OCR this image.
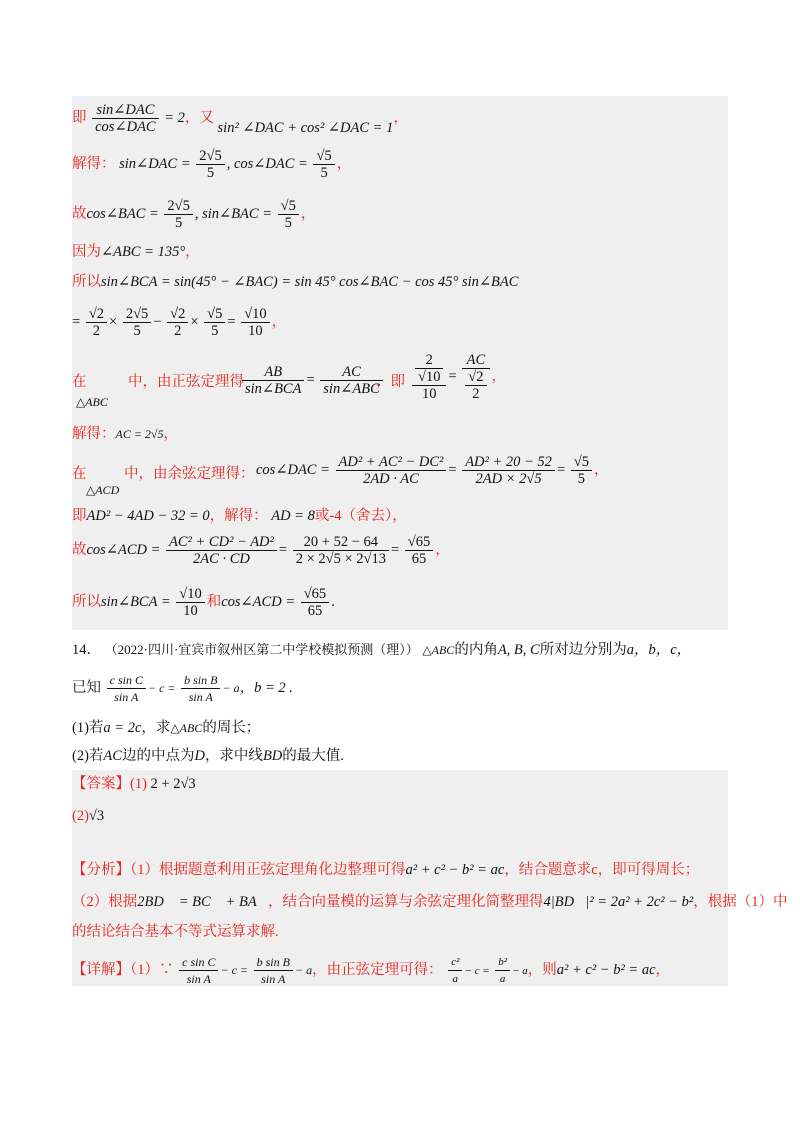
即 $\frac{\text{sin∠DAC}}{\text{cos∠DAC}} = 2$，又 sin² ∠DAC + cos² ∠DAC = 1，
解得： sin∠DAC = $\frac{2√5}{5}$ , cos∠DAC = $\frac{√5}{5}$ ，
故cos∠BAC = $\frac{2√5}{5}$ , sin∠BAC = $\frac{√5}{5}$ ，
因为∠ABC = 135°，
所以sin∠BCA = sin(45° − ∠BAC) = sin 45° cos∠BAC − cos 45° sin∠BAC
= $\frac{√2}{2} \times \frac{2√5}{5} - \frac{√2}{2} \times \frac{√5}{5} = \frac{√10}{10}$ ，
在
△ABC
中，由正弦定理得
$\frac{AB}{\text{sin∠BCA}} = \frac{AC}{\text{sin∠ABC}}$
，即 $\frac{\frac{2}{√10}}{10} = \frac{AC}{\frac{√2}{2}}$ ，
解得：AC = 2√5，
在
△ACD
中，由余弦定理得： cos∠DAC = $\frac{\text{AD² + AC² − DC²}}{2AD \cdot AC} = \frac{\text{AD² + 20 − 52}}{2AD \times 2√5} = \frac{√5}{5}$ ，
即AD² − 4AD − 32 = 0，解得： AD = 8或-4（舍去），
故cos∠ACD = $\frac{\text{AC² + CD² − AD²}}{2AC \cdot CD} = \frac{20 + 52 - 64}{2 \times 2√5 \times 2√13} = \frac{√65}{65}$ ，
所以sin∠BCA = $\frac{√10}{10}$ 和cos∠ACD = $\frac{√65}{65}$ .
14． （2022·四川·宜宾市叙州区第二中学校模拟预测（理）） △ABC的内角A, B, C所对边分别为a，b，c，
已知 $\frac{\text{c sin C}}{\text{sin A}} - c = \frac{\text{b sin B}}{\text{sin A}} - a$，b = 2 .
(1)若a = 2c，求△ABC的周长；
(2)若AC边的中点为D，求中线BD的最大值.
【答案】(1) 2 + 2√3
(2)√3
【分析】（1）根据题意利用正弦定理角化边整理可得a² + c² − b² = ac，结合题意求c，即可得周长；
（2）根据2BD⃗ = BC⃗ + BA⃗，结合向量模的运算与余弦定理化简整理得4|BD⃗|² = 2a² + 2c² − b²，根据（1）中
的结论结合基本不等式运算求解.
【详解】（1）∵ $\frac{\text{c sin C}}{\text{sin A}} - c = \frac{\text{b sin B}}{\text{sin A}} - a$，由正弦定理可得： $\frac{\text{c²}}{a} - c = \frac{\text{b²}}{a} - a$，则a² + c² − b² = ac，
